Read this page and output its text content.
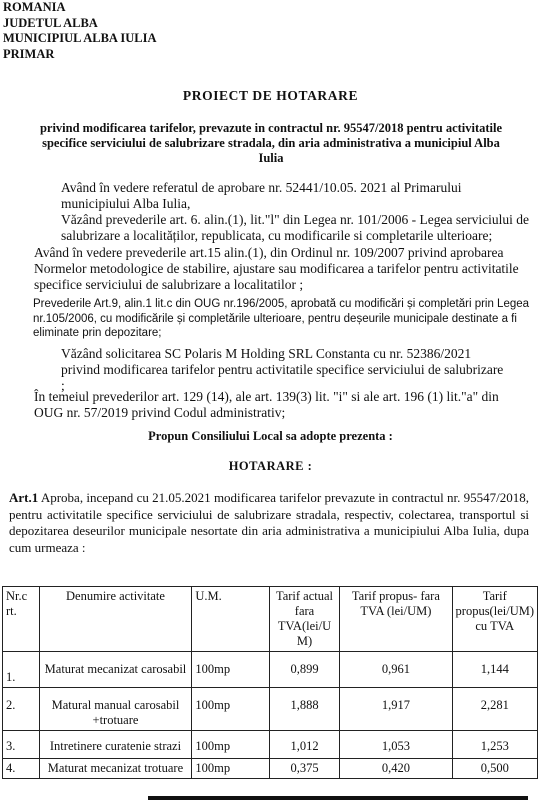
ROMANIA
JUDETUL ALBA
MUNICIPIUL ALBA IULIA
PRIMAR
PROIECT DE HOTARARE
privind modificarea tarifelor, prevazute in contractul nr. 95547/2018 pentru activitatile specifice serviciului de salubrizare stradala, din aria administrativa a municipiul Alba Iulia
Având în vedere referatul de aprobare nr. 52441/10.05. 2021 al Primarului municipiului Alba Iulia,
Văzând prevederile art. 6. alin.(1), lit."l" din Legea nr. 101/2006 - Legea serviciului de salubrizare a localităților, republicata, cu modificarile si completarile ulterioare;
Având în vedere prevederile art.15 alin.(1), din Ordinul nr. 109/2007 privind aprobarea Normelor metodologice de stabilire, ajustare sau modificarea a tarifelor pentru activitatile specifice serviciului de salubrizare a localitatilor ;
Prevederile Art.9, alin.1 lit.c din OUG nr.196/2005, aprobată cu modificări și completări prin Legea nr.105/2006, cu modificările și completările ulterioare, pentru deșeurile municipale destinate a fi eliminate prin depozitare;
Văzând solicitarea SC Polaris M Holding SRL Constanta cu nr. 52386/2021 privind modificarea tarifelor pentru activitatile specifice serviciului de salubrizare ;
În temeiul prevederilor art. 129 (14), ale art. 139(3) lit. "i" si ale art. 196 (1) lit."a" din OUG nr. 57/2019 privind Codul administrativ;
Propun Consiliului Local sa adopte prezenta :
HOTARARE :
Art.1 Aproba, incepand cu 21.05.2021 modificarea tarifelor prevazute in contractul nr. 95547/2018, pentru activitatile specifice serviciului de salubrizare stradala, respectiv, colectarea, transportul si depozitarea deseurilor municipale nesortate din aria administrativa a municipiului Alba Iulia, dupa cum urmeaza :
Nr.c rt.	Denumire activitate	U.M.	Tarif actual fara TVA(lei/U M)	Tarif propus- fara TVA (lei/UM)	Tarif propus(lei/UM) cu TVA
1.	Maturat mecanizat carosabil	100mp	0,899	0,961	1,144
2.	Matural manual carosabil +trotuare	100mp	1,888	1,917	2,281
3.	Intretinere curatenie strazi	100mp	1,012	1,053	1,253
4.	Maturat mecanizat trotuare	100mp	0,375	0,420	0,500
